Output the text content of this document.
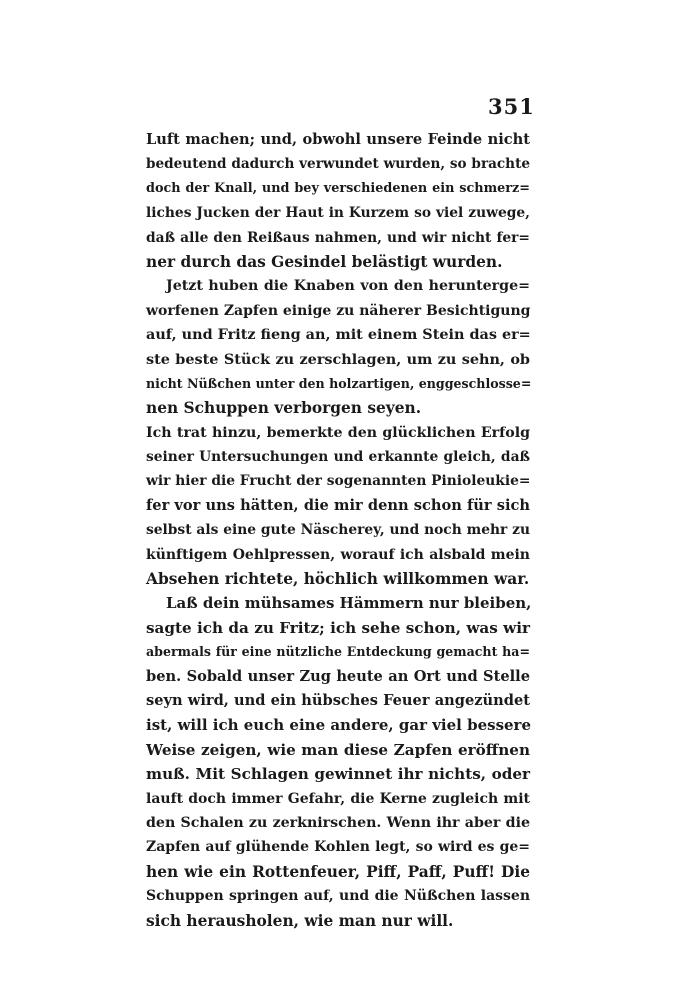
351
Luft machen; und, obwohl unsere Feinde nicht
bedeutend dadurch verwundet wurden, so brachte
doch der Knall, und bey verschiedenen ein schmerz=
liches Jucken der Haut in Kurzem so viel zuwege,
daß alle den Reißaus nahmen, und wir nicht fer=
ner durch das Gesindel belästigt wurden.
Jetzt huben die Knaben von den herunterge=
worfenen Zapfen einige zu näherer Besichtigung
auf, und Fritz fieng an, mit einem Stein das er=
ste beste Stück zu zerschlagen, um zu sehn, ob
nicht Nüßchen unter den holzartigen, enggeschlosse=
nen Schuppen verborgen seyen.
Ich trat hinzu, bemerkte den glücklichen Erfolg
seiner Untersuchungen und erkannte gleich, daß
wir hier die Frucht der sogenannten Pinioleukie=
fer vor uns hätten, die mir denn schon für sich
selbst als eine gute Näscherey, und noch mehr zu
künftigem Oehlpressen, worauf ich alsbald mein
Absehen richtete, höchlich willkommen war.
Laß dein mühsames Hämmern nur bleiben,
sagte ich da zu Fritz; ich sehe schon, was wir
abermals für eine nützliche Entdeckung gemacht ha=
ben. Sobald unser Zug heute an Ort und Stelle
seyn wird, und ein hübsches Feuer angezündet
ist, will ich euch eine andere, gar viel bessere
Weise zeigen, wie man diese Zapfen eröffnen
muß. Mit Schlagen gewinnet ihr nichts, oder
lauft doch immer Gefahr, die Kerne zugleich mit
den Schalen zu zerknirschen. Wenn ihr aber die
Zapfen auf glühende Kohlen legt, so wird es ge=
hen wie ein Rottenfeuer, Piff, Paff, Puff! Die
Schuppen springen auf, und die Nüßchen lassen
sich herausholen, wie man nur will.
